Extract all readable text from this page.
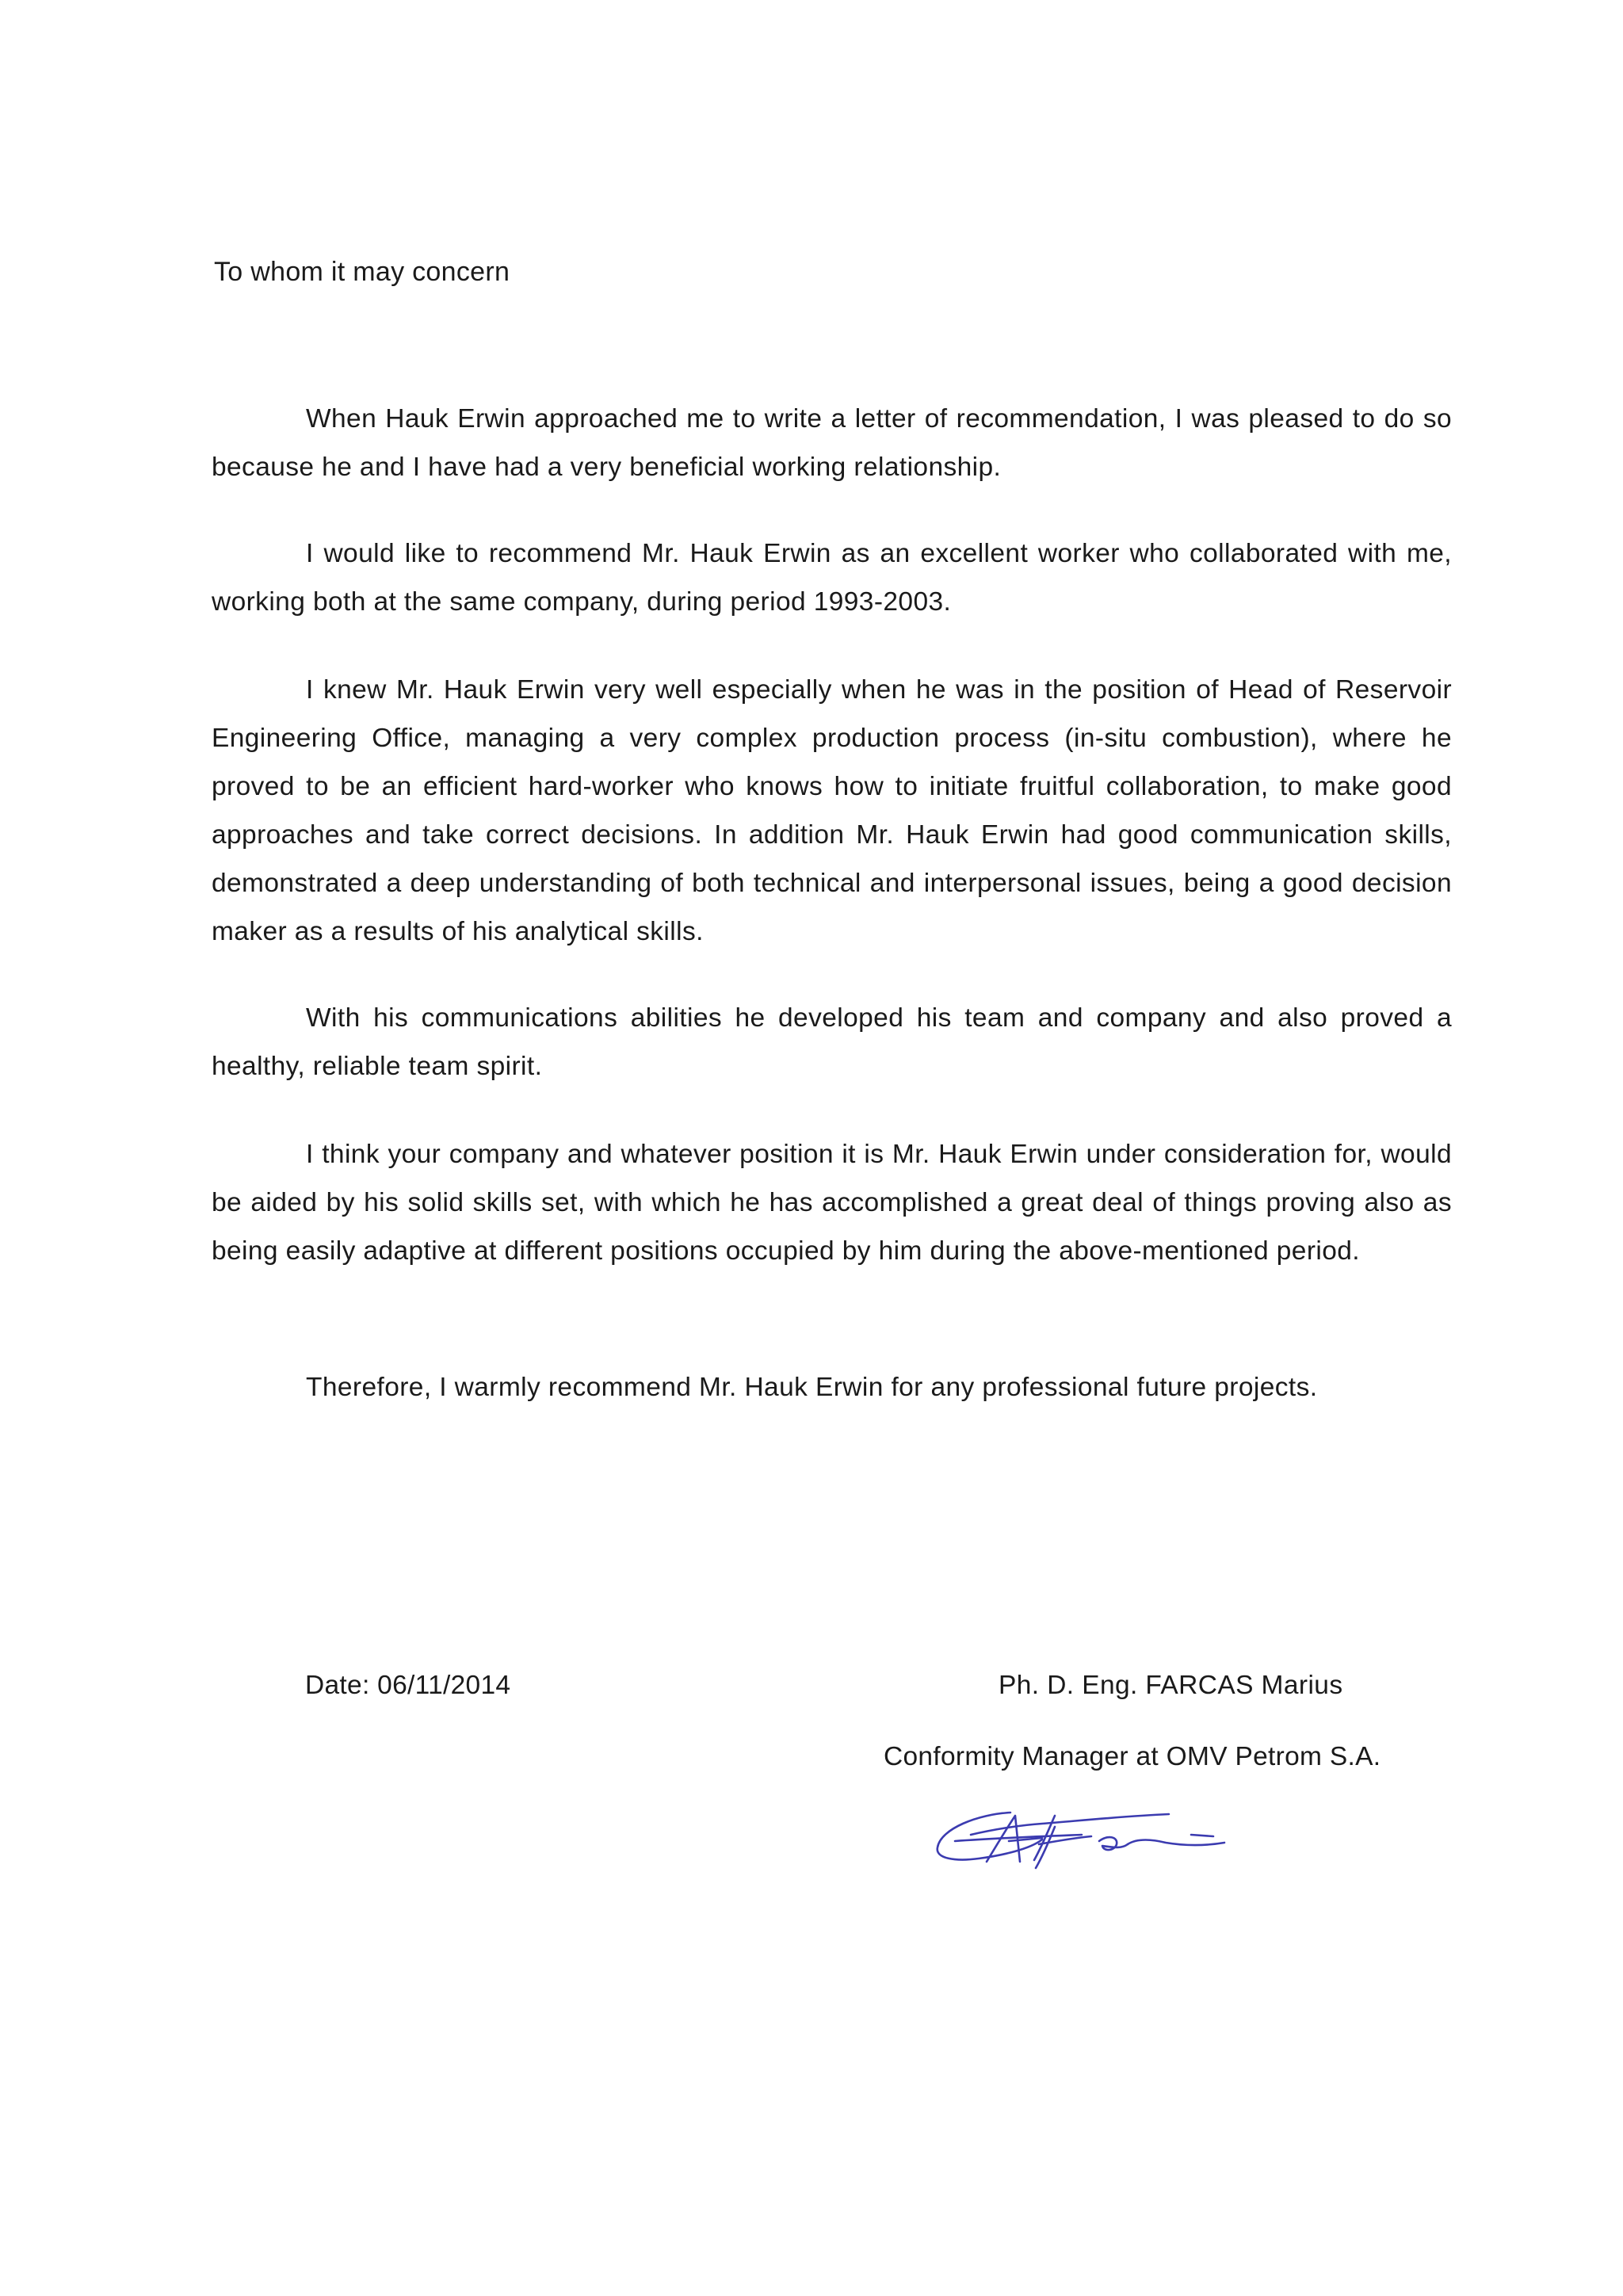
To whom it may concern

When Hauk Erwin approached me to write a letter of recommendation, I was pleased to do so because he and I have had a very beneficial working relationship.

I would like to recommend Mr. Hauk Erwin as an excellent worker who collaborated with me, working both at the same company, during period 1993-2003.

I knew Mr. Hauk Erwin very well especially when he was in the position of Head of Reservoir Engineering Office, managing a very complex production process (in-situ combustion), where he proved to be an efficient hard-worker who knows how to initiate fruitful collaboration, to make good approaches and take correct decisions. In addition Mr. Hauk Erwin had good communication skills, demonstrated a deep understanding of both technical and interpersonal issues, being a good decision maker as a results of his analytical skills.

With his communications abilities he developed his team and company and also proved a healthy, reliable team spirit.

I think your company and whatever position it is Mr. Hauk Erwin under consideration for, would be aided by his solid skills set, with which he has accomplished a great deal of things proving also as being easily adaptive at different positions occupied by him during the above-mentioned period.

Therefore, I warmly recommend Mr. Hauk Erwin for any professional future projects.

Date: 06/11/2014	Ph. D. Eng. FARCAS Marius
Conformity Manager at OMV Petrom S.A.
